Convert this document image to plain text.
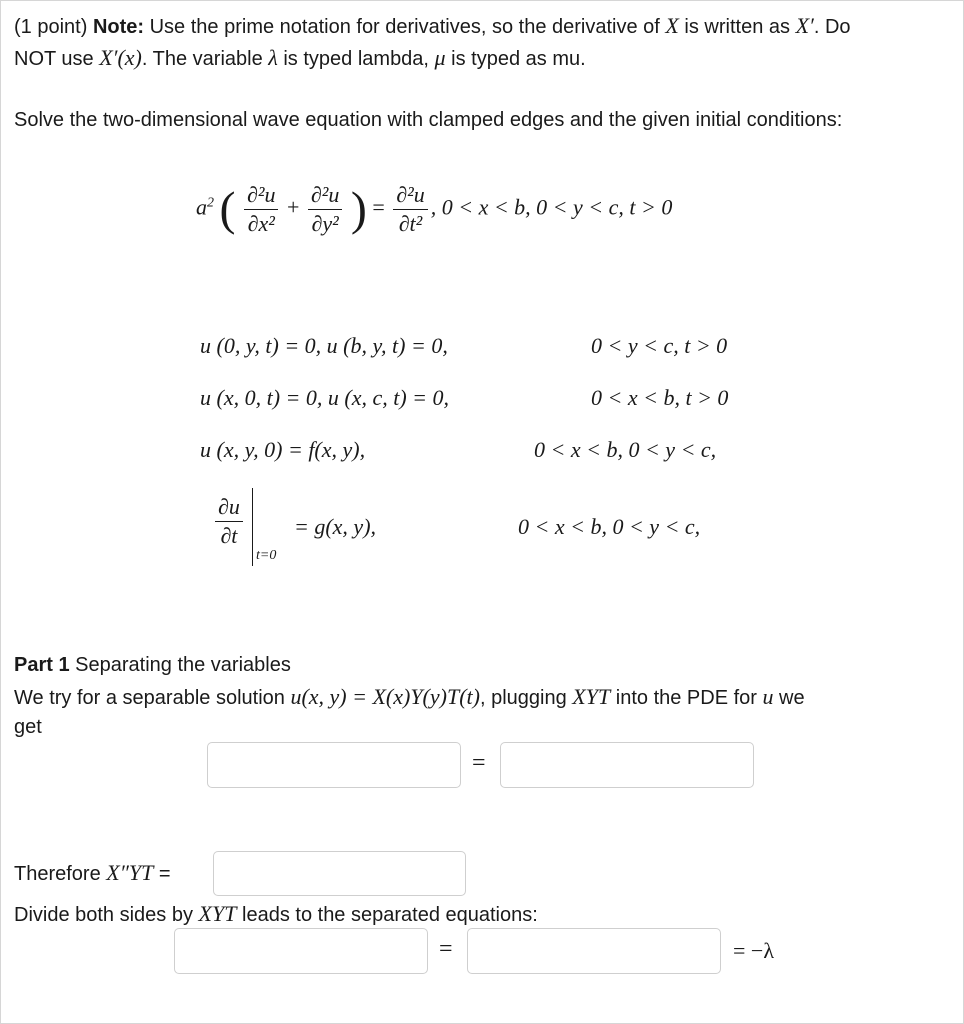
(1 point) Note: Use the prime notation for derivatives, so the derivative of X is written as X′. Do
NOT use X′(x). The variable λ is typed lambda, μ is typed as mu.
Solve the two-dimensional wave equation with clamped edges and the given initial conditions:
$a^2$ ( $\frac{\text{∂²u}}{\text{∂x²}} + \frac{\text{∂²u}}{\text{∂y²}}$ ) = $\frac{\text{∂²u}}{\text{∂t²}}$ , 0 < x < b, 0 < y < c, t > 0
u (0, y, t) = 0, u (b, y, t) = 0,	0 < y < c, t > 0
u (x, 0, t) = 0, u (x, c, t) = 0,	0 < x < b, t > 0
u (x, y, 0) = f(x, y),	0 < x < b, 0 < y < c,
$\frac{\partial u}{\partial t}$
t=0
= g(x, y),	0 < x < b, 0 < y < c,
Part 1 Separating the variables
We try for a separable solution u(x, y) = X(x)Y(y)T(t), plugging XYT into the PDE for u we
get
=
Therefore X″YT =
Divide both sides by XYT leads to the separated equations:
=	= −λ
